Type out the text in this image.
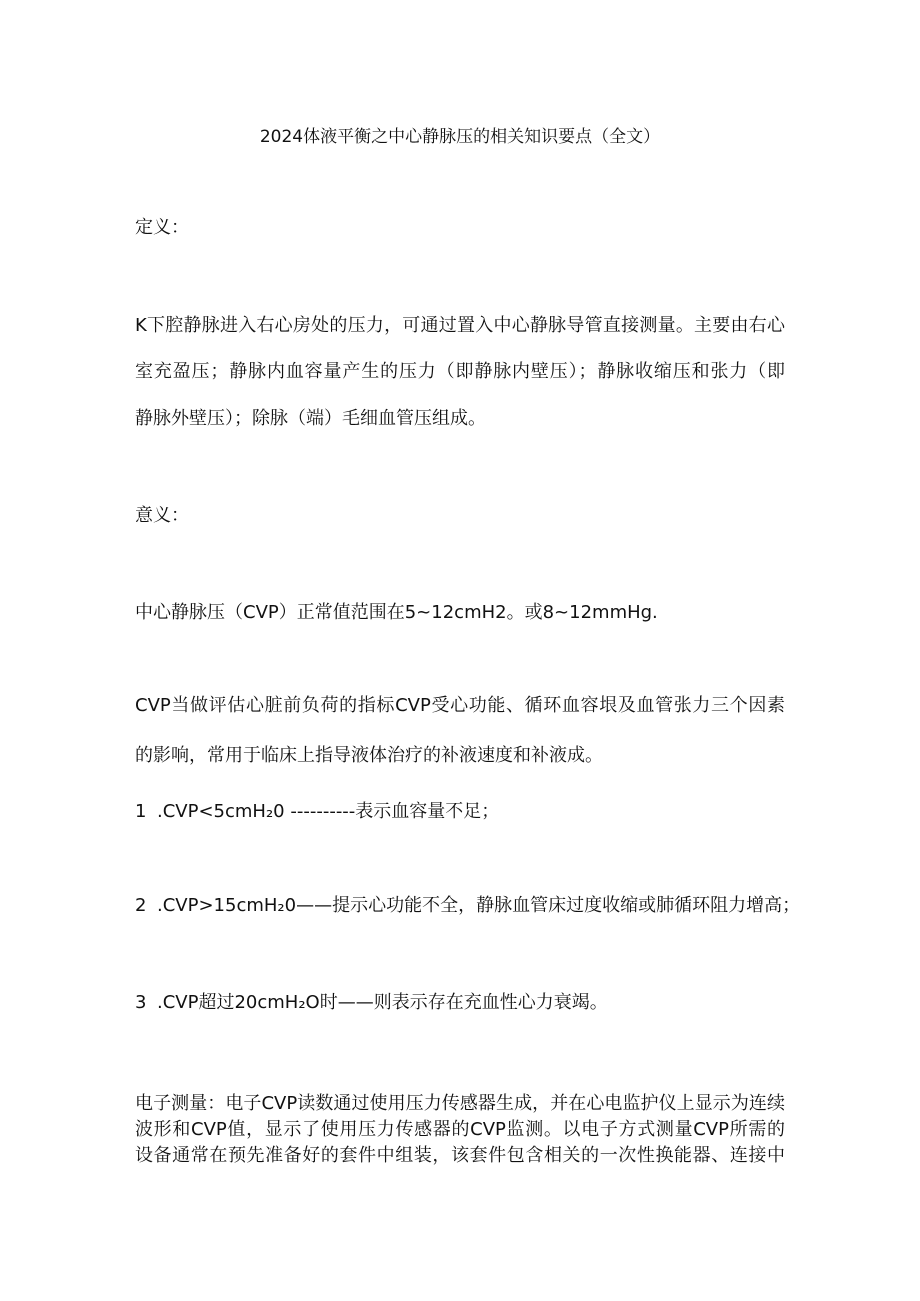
2024体液平衡之中心静脉压的相关知识要点（全文）
定义：
K下腔静脉进入右心房处的压力，可通过置入中心静脉导管直接测量。主要由右心
室充盈压；静脉内血容量产生的压力（即静脉内壁压）；静脉收缩压和张力（即
静脉外壁压）；除脉（端）毛细血管压组成。
意义：
中心静脉压（CVP）正常值范围在5~12cmH2。或8~12mmHg.
CVP当做评估心脏前负荷的指标CVP受心功能、循环血容垠及血管张力三个因素
的影响，常用于临床上指导液体治疗的补液速度和补液成。
1 .CVP<5cmH₂0 ----------表示血容量不足；
2 .CVP>15cmH₂0——提示心功能不全，静脉血管床过度收缩或肺循环阻力增高；
3 .CVP超过20cmH₂O时——则表示存在充血性心力衰竭。
电子测量：电子CVP读数通过使用压力传感器生成，并在心电监护仪上显示为连续
波形和CVP值，显示了使用压力传感器的CVP监测。以电子方式测量CVP所需的
设备通常在预先准备好的套件中组装，该套件包含相关的一次性换能器、连接中
